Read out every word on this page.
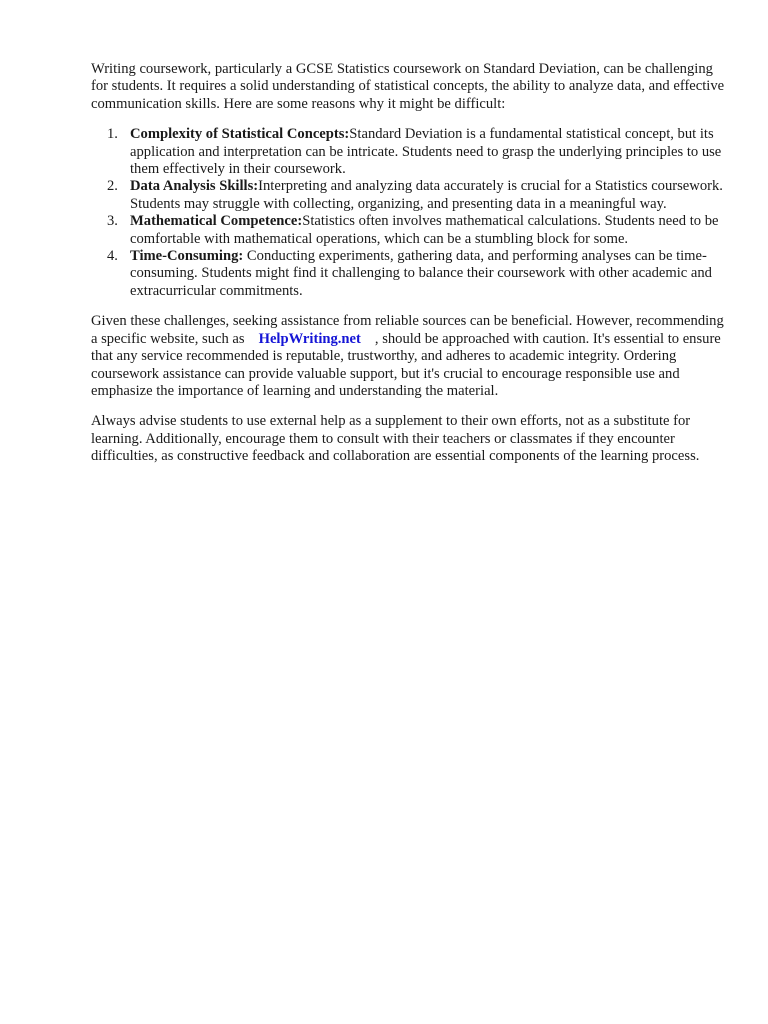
Writing coursework, particularly a GCSE Statistics coursework on Standard Deviation, can be challenging for students. It requires a solid understanding of statistical concepts, the ability to analyze data, and effective communication skills. Here are some reasons why it might be difficult:

1. Complexity of Statistical Concepts:Standard Deviation is a fundamental statistical concept, but its application and interpretation can be intricate. Students need to grasp the underlying principles to use them effectively in their coursework.
2. Data Analysis Skills:Interpreting and analyzing data accurately is crucial for a Statistics coursework. Students may struggle with collecting, organizing, and presenting data in a meaningful way.
3. Mathematical Competence:Statistics often involves mathematical calculations. Students need to be comfortable with mathematical operations, which can be a stumbling block for some.
4. Time-Consuming: Conducting experiments, gathering data, and performing analyses can be time-consuming. Students might find it challenging to balance their coursework with other academic and extracurricular commitments.

Given these challenges, seeking assistance from reliable sources can be beneficial. However, recommending a specific website, such as HelpWriting.net , should be approached with caution. It's essential to ensure that any service recommended is reputable, trustworthy, and adheres to academic integrity. Ordering coursework assistance can provide valuable support, but it's crucial to encourage responsible use and emphasize the importance of learning and understanding the material.

Always advise students to use external help as a supplement to their own efforts, not as a substitute for learning. Additionally, encourage them to consult with their teachers or classmates if they encounter difficulties, as constructive feedback and collaboration are essential components of the learning process.
